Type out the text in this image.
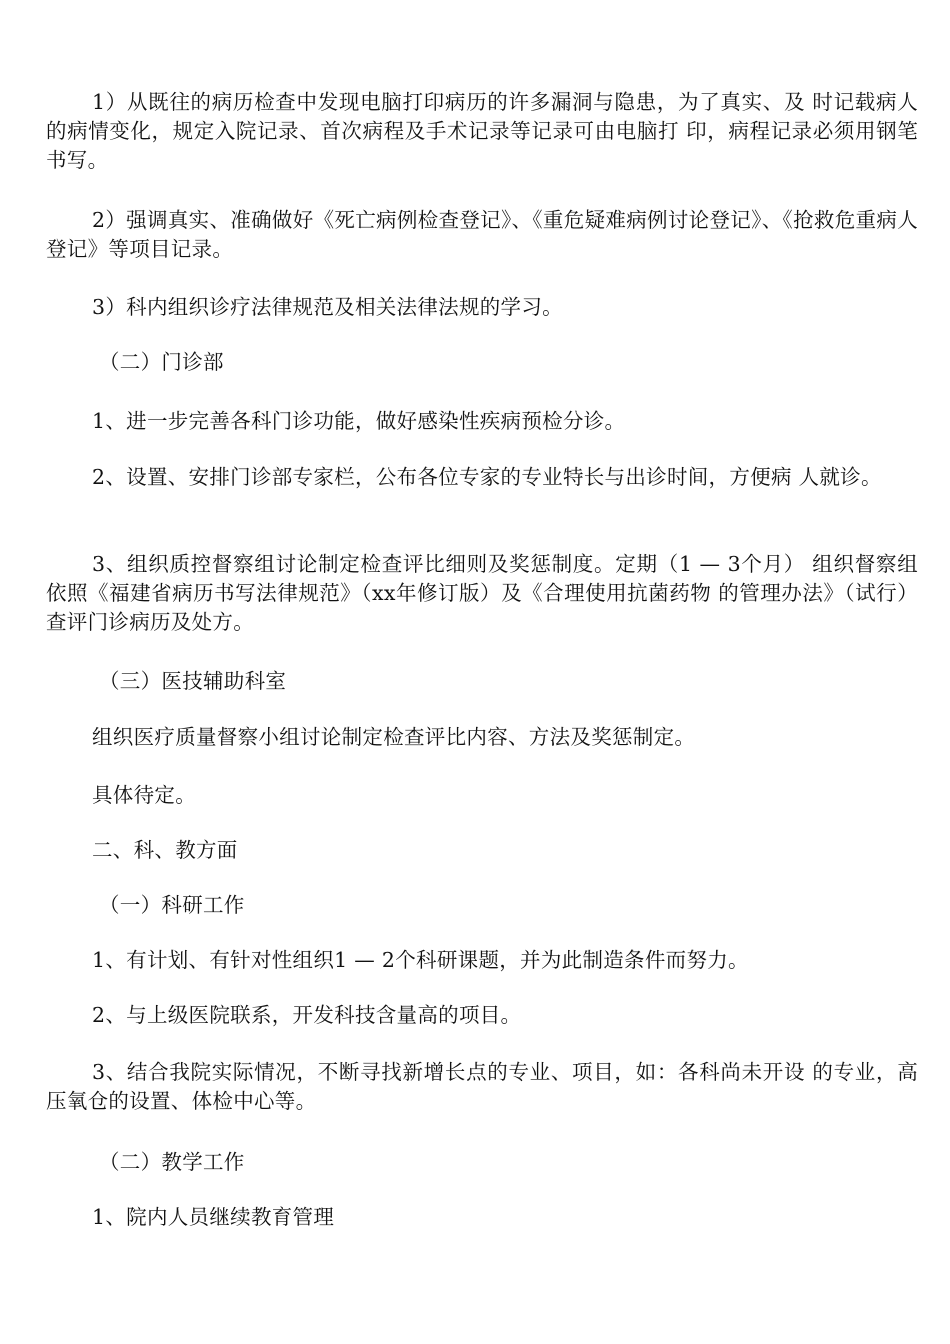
1）从既往的病历检查中发现电脑打印病历的许多漏洞与隐患，为了真实、及 时记载病人的病情变化，规定入院记录、首次病程及手术记录等记录可由电脑打 印，病程记录必须用钢笔书写。

2）强调真实、准确做好《死亡病例检查登记》、《重危疑难病例讨论登记》、《抢救危重病人登记》等项目记录。

3）科内组织诊疗法律规范及相关法律法规的学习。

（二）门诊部

1、进一步完善各科门诊功能，做好感染性疾病预检分诊。

2、设置、安排门诊部专家栏，公布各位专家的专业特长与出诊时间，方便病 人就诊。

3、组织质控督察组讨论制定检查评比细则及奖惩制度。定期（1 — 3个月） 组织督察组依照《福建省病历书写法律规范》（xx年修订版）及《合理使用抗菌药物 的管理办法》（试行）查评门诊病历及处方。

（三）医技辅助科室

组织医疗质量督察小组讨论制定检查评比内容、方法及奖惩制定。

具体待定。

二、科、教方面

（一）科研工作

1、有计划、有针对性组织1 — 2个科研课题，并为此制造条件而努力。

2、与上级医院联系，开发科技含量高的项目。

3、结合我院实际情况，不断寻找新增长点的专业、项目，如：各科尚未开设 的专业，高压氧仓的设置、体检中心等。

（二）教学工作

1、院内人员继续教育管理
